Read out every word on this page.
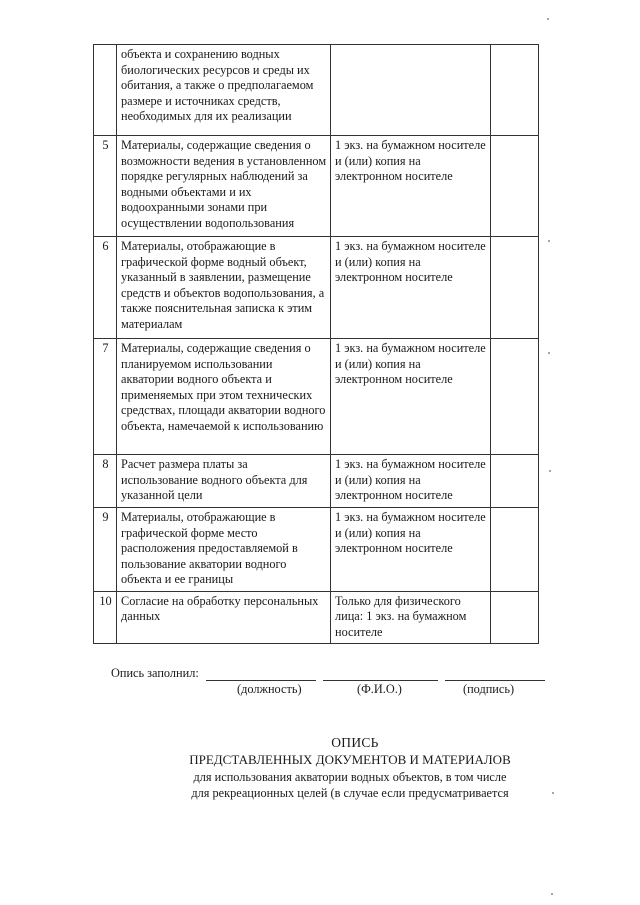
	объекта и сохранению водных биологических ресурсов и среды их обитания, а также о предполагаемом размере и источниках средств, необходимых для их реализации		
5	Материалы, содержащие сведения о возможности ведения в установленном порядке регулярных наблюдений за водными объектами и их водоохранными зонами при осуществлении водопользования	1 экз. на бумажном носителе и (или) копия на электронном носителе	
6	Материалы, отображающие в графической форме водный объект, указанный в заявлении, размещение средств и объектов водопользования, а также пояснительная записка к этим материалам	1 экз. на бумажном носителе и (или) копия на электронном носителе	
7	Материалы, содержащие сведения о планируемом использовании акватории водного объекта и применяемых при этом технических средствах, площади акватории водного объекта, намечаемой к использованию	1 экз. на бумажном носителе и (или) копия на электронном носителе	
8	Расчет размера платы за использование водного объекта для указанной цели	1 экз. на бумажном носителе и (или) копия на электронном носителе	
9	Материалы, отображающие в графической форме место расположения предоставляемой в пользование акватории водного объекта и ее границы	1 экз. на бумажном носителе и (или) копия на электронном носителе	
10	Согласие на обработку персональных данных	Только для физического лица: 1 экз. на бумажном носителе	
Опись заполнил:
(должность)	(Ф.И.О.)	(подпись)
ОПИСЬ
ПРЕДСТАВЛЕННЫХ ДОКУМЕНТОВ И МАТЕРИАЛОВ
для использования акватории водных объектов, в том числе
для рекреационных целей (в случае если предусматривается
